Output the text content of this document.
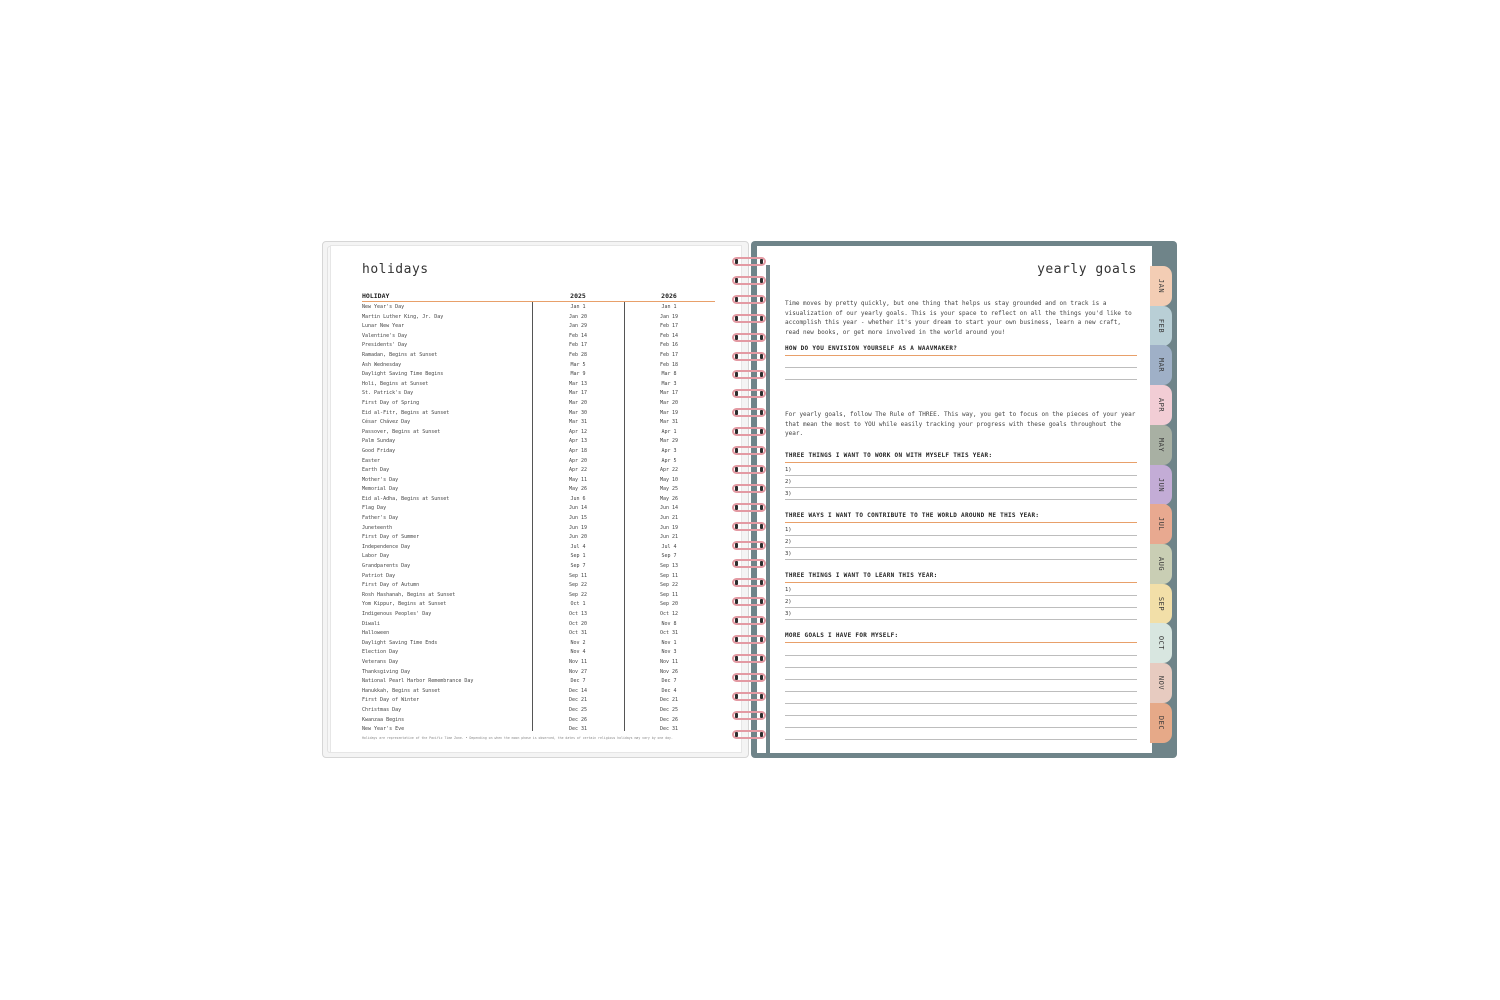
holidays
HOLIDAY	2025	2026
New Year's Day	Jan 1	Jan 1
Martin Luther King, Jr. Day	Jan 20	Jan 19
Lunar New Year	Jan 29	Feb 17
Valentine's Day	Feb 14	Feb 14
Presidents' Day	Feb 17	Feb 16
Ramadan, Begins at Sunset	Feb 28	Feb 17
Ash Wednesday	Mar 5	Feb 18
Daylight Saving Time Begins	Mar 9	Mar 8
Holi, Begins at Sunset	Mar 13	Mar 3
St. Patrick's Day	Mar 17	Mar 17
First Day of Spring	Mar 20	Mar 20
Eid al-Fitr, Begins at Sunset	Mar 30	Mar 19
César Chávez Day	Mar 31	Mar 31
Passover, Begins at Sunset	Apr 12	Apr 1
Palm Sunday	Apr 13	Mar 29
Good Friday	Apr 18	Apr 3
Easter	Apr 20	Apr 5
Earth Day	Apr 22	Apr 22
Mother's Day	May 11	May 10
Memorial Day	May 26	May 25
Eid al-Adha, Begins at Sunset	Jun 6	May 26
Flag Day	Jun 14	Jun 14
Father's Day	Jun 15	Jun 21
Juneteenth	Jun 19	Jun 19
First Day of Summer	Jun 20	Jun 21
Independence Day	Jul 4	Jul 4
Labor Day	Sep 1	Sep 7
Grandparents Day	Sep 7	Sep 13
Patriot Day	Sep 11	Sep 11
First Day of Autumn	Sep 22	Sep 22
Rosh Hashanah, Begins at Sunset	Sep 22	Sep 11
Yom Kippur, Begins at Sunset	Oct 1	Sep 20
Indigenous Peoples' Day	Oct 13	Oct 12
Diwali	Oct 20	Nov 8
Halloween	Oct 31	Oct 31
Daylight Saving Time Ends	Nov 2	Nov 1
Election Day	Nov 4	Nov 3
Veterans Day	Nov 11	Nov 11
Thanksgiving Day	Nov 27	Nov 26
National Pearl Harbor Remembrance Day	Dec 7	Dec 7
Hanukkah, Begins at Sunset	Dec 14	Dec 4
First Day of Winter	Dec 21	Dec 21
Christmas Day	Dec 25	Dec 25
Kwanzaa Begins	Dec 26	Dec 26
New Year's Eve	Dec 31	Dec 31
Holidays are representative of the Pacific Time Zone. • Depending on when the moon phase is observed, the dates of certain religious holidays may vary by one day.
JAN
FEB
MAR
APR
MAY
JUN
JUL
AUG
SEP
OCT
NOV
DEC
yearly goals
Time moves by pretty quickly, but one thing that helps us stay grounded and on track is a visualization of our yearly goals. This is your space to reflect on all the things you'd like to accomplish this year - whether it's your dream to start your own business, learn a new craft, read new books, or get more involved in the world around you!
HOW DO YOU ENVISION YOURSELF AS A WAAVMAKER?
For yearly goals, follow The Rule of THREE. This way, you get to focus on the pieces of your year that mean the most to YOU while easily tracking your progress with these goals throughout the year.
THREE THINGS I WANT TO WORK ON WITH MYSELF THIS YEAR:
1)
2)
3)
THREE WAYS I WANT TO CONTRIBUTE TO THE WORLD AROUND ME THIS YEAR:
1)
2)
3)
THREE THINGS I WANT TO LEARN THIS YEAR:
1)
2)
3)
MORE GOALS I HAVE FOR MYSELF:
